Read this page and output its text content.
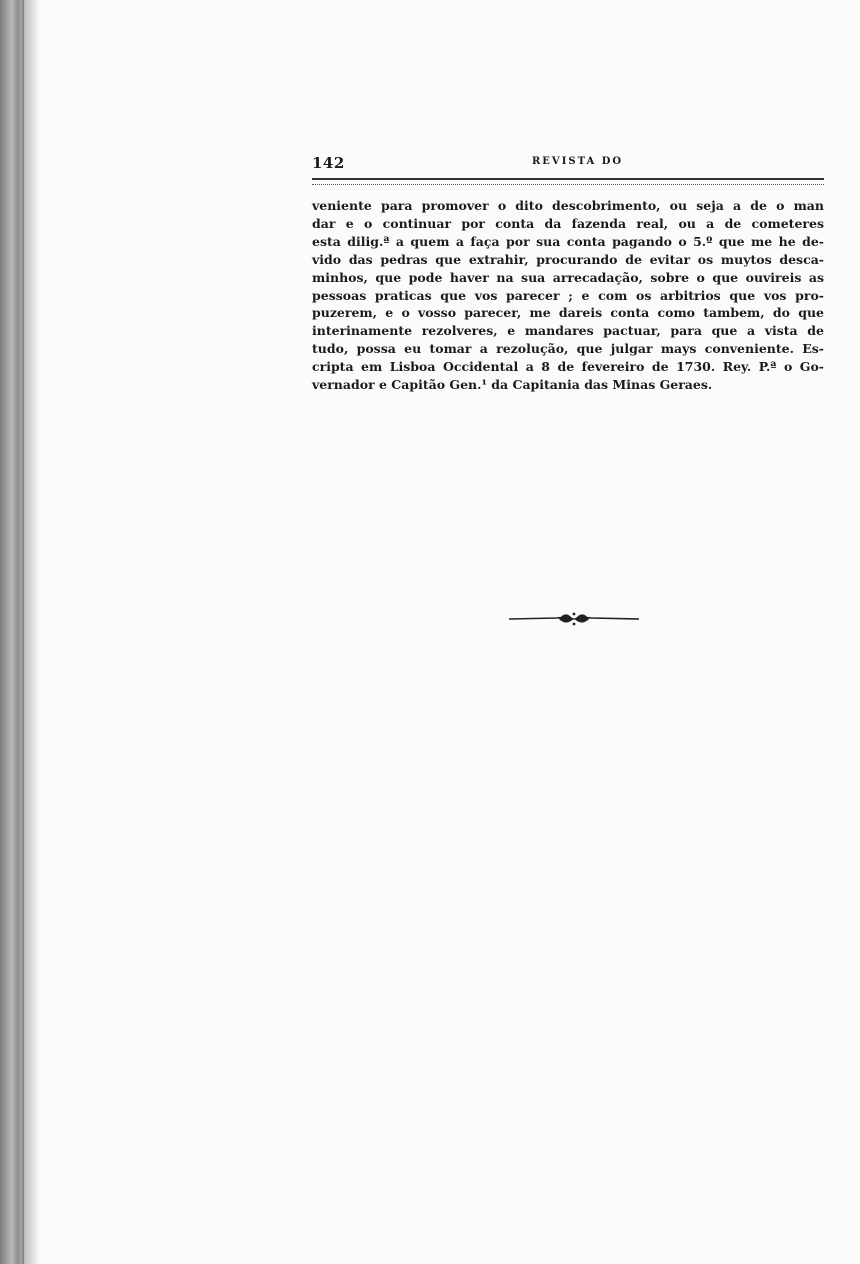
142	REVISTA DO
veniente para promover o dito descobrimento, ou seja a de o man
dar e o continuar por conta da fazenda real, ou a de cometeres
esta dilig.ª a quem a faça por sua conta pagando o 5.º que me he de-
vido das pedras que extrahir, procurando de evitar os muytos desca-
minhos, que pode haver na sua arrecadação, sobre o que ouvireis as
pessoas praticas que vos parecer ; e com os arbitrios que vos pro-
puzerem, e o vosso parecer, me dareis conta como tambem, do que
interinamente rezolveres, e mandares pactuar, para que a vista de
tudo, possa eu tomar a rezolução, que julgar mays conveniente. Es-
cripta em Lisboa Occidental a 8 de fevereiro de 1730. Rey. P.ª o Go-
vernador e Capitão Gen.¹ da Capitania das Minas Geraes.
